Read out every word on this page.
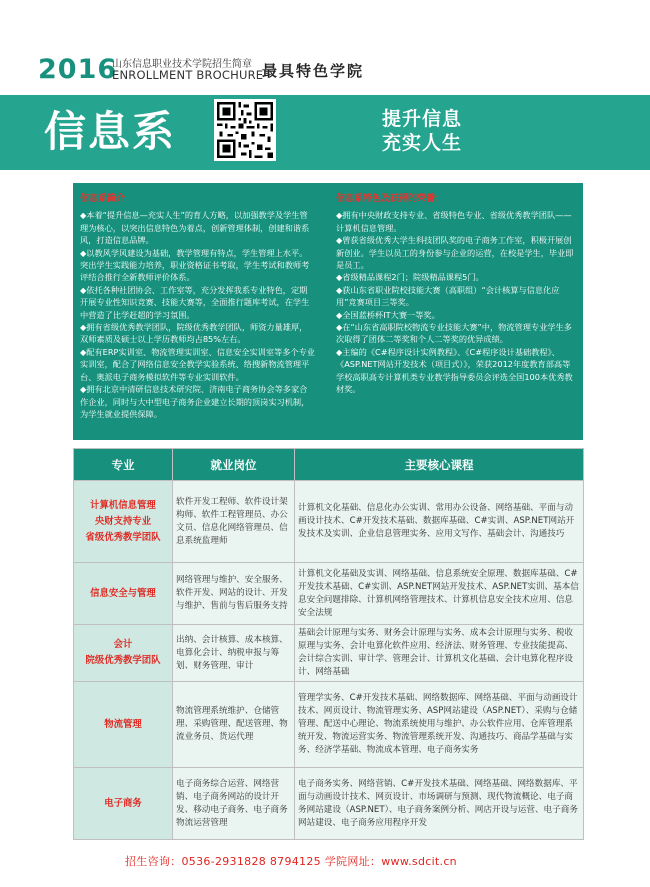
2016
山东信息职业技术学院招生简章
ENROLLMENT BROCHURE
最具特色学院
信息系	提升信息
充实人生
信息系简介

◆本着“提升信息—充实人生”的育人方略，以加强教学及学生管理为核心，以突出信息特色为着点，创新管理体制，创建和谐系风，打造信息品牌。

◆以教风学风建设为基础，教学管理有特点，学生管理上水平。突出学生实践能力培养，职业资格证书考取，学生考试和教师考评结合推行全新教师评价体系。

◆依托各种社团协会、工作室等，充分发挥我系专业特色，定期开展专业性知识竞赛、技能大赛等，全面推行题库考试，在学生中营造了比学赶超的学习氛围。

◆拥有省级优秀教学团队，院级优秀教学团队，师资力量雄厚，双师素质及硕士以上学历教师均占85%左右。

◆配有ERP实训室、物流管理实训室、信息安全实训室等多个专业实训室，配合了网络信息安全教学实验系统、络搜新物流管理平台、奥派电子商务模拟软件等专业实训软件。

◆拥有北京中清研信息技术研究院、济南电子商务协会等多家合作企业，同时与大中型电子商务企业建立长期的顶岗实习机制，为学生就业提供保障。

信息系特色及获得的荣誉：

◆拥有中央财政支持专业、省级特色专业、省级优秀教学团队——计算机信息管理。

◆曾获省级优秀大学生科技团队奖的电子商务工作室，积极开展创新创业。学生以员工的身份参与企业的运营，在校是学生，毕业即是员工。

◆省级精品课程2门；院级精品课程5门。

◆获山东省职业院校技能大赛（高职组）“会计核算与信息化应用”竞赛项目三等奖。

◆全国蓝桥杯IT大赛一等奖。

◆在“山东省高职院校物流专业技能大赛”中，物流管理专业学生多次取得了团体二等奖和个人二等奖的优异成绩。

◆主编的《C#程序设计实例教程》、《C#程序设计基础教程》、《ASP.NET网站开发技术（项目式）》，荣获2012年度教育部高等学校高职高专计算机类专业教学指导委员会评选全国100本优秀教材奖。

专业	就业岗位	主要核心课程

计算机信息管理
央财支持专业
省级优秀教学团队	软件开发工程师、软件设计架构师、软件工程管理员、办公文员、信息化网络管理员、信息系统监理师	计算机文化基础、信息化办公实训、常用办公设备、网络基础、平面与动画设计技术、C#开发技术基础、数据库基础、C#实训、ASP.NET网站开发技术及实训、企业信息管理实务、应用文写作、基础会计、沟通技巧

信息安全与管理	网络管理与维护、安全服务、软件开发、网站的设计、开发与维护、售前与售后服务支持	计算机文化基础及实训、网络基础、信息系统安全原理、数据库基础、C#开发技术基础、C#实训、ASP.NET网站开发技术、ASP.NET实训、基本信息安全问题排除、计算机网络管理技术、计算机信息安全技术应用、信息安全法规

会计
院级优秀教学团队	出纳、会计核算、成本核算、电算化会计、纳税申报与筹划、财务管理、审计	基础会计原理与实务、财务会计原理与实务、成本会计原理与实务、税收原理与实务、会计电算化软件应用、经济法、财务管理、专业技能提高、会计综合实训、审计学、管理会计、计算机文化基础、会计电算化程序设计、网络基础

物流管理	物流管理系统维护、仓储管理、采购管理、配送管理、物流业务员、货运代理	管理学实务、C#开发技术基础、网络数据库、网络基础、平面与动画设计技术、网页设计、物流管理实务、ASP网站建设（ASP.NET）、采购与仓储管理、配送中心理论、物流系统使用与维护、办公软件应用、仓库管理系统开发、物流运营实务、物流管理系统开发、沟通技巧、商品学基础与实务、经济学基础、物流成本管理、电子商务实务

电子商务	电子商务综合运营、网络营销、电子商务网站的设计开发、移动电子商务、电子商务物流运营管理	电子商务实务、网络营销、C#开发技术基础、网络基础、网络数据库、平面与动画设计技术、网页设计、市场调研与预测、现代物流概论、电子商务网站建设（ASP.NET）、电子商务案例分析、网店开设与运营、电子商务网站建设、电子商务应用程序开发
招生咨询：0536-2931828 8794125 学院网址：www.sdcit.cn
